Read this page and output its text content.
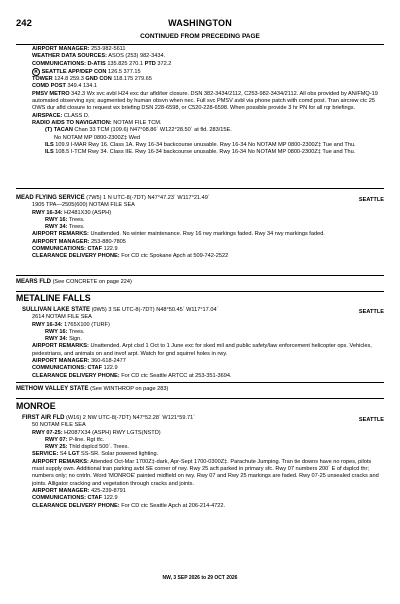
242	WASHINGTON
CONTINUED FROM PRECEDING PAGE

AIRPORT MANAGER: 253-982-5611

WEATHER DATA SOURCES: ASOS (253) 982-3434.

COMMUNICATIONS: D-ATIS 135.825 270.1 PTD 372.2

R SEATTLE APP/DEP CON 126.5 377.15

TOWER 124.8 259.3 GND CON 118.175 279.65

COMD POST 349.4 134.1

PMSV METRO 342.3 Wx svc avbl H24 exc dur afld/twr closure. DSN 382-3434/2112, C253-982-3434/2112. All obs provided by AN/FMQ-19 automated observing sys; augmented by human obsvn when nec. Full svc PMSV avbl via phone patch with comd post. Tran aircrew ctc 25 OWS dur afld closure to request wx briefing DSN 228-6598, or C520-228-6598. When possible provide 3 hr PN for all rqr briefings.

AIRSPACE: CLASS D.

RADIO AIDS TO NAVIGATION: NOTAM FILE TCM.

(T) TACAN Chan 33 TCM (109.6) N47°08.86´ W122°28.50´ at fld. 283/15E.

No NOTAM MP 0800-2300Z‡ Wed

ILS 109.9 I-MAR Rwy 16. Class 1A. Rwy 16-34 backcourse unusable. Rwy 16-34 No NOTAM MP 0800-2300Z‡ Tue and Thu.

ILS 108.5 I-TCM Rwy 34. Class IIE. Rwy 16-34 backcourse unusable. Rwy 16-34 No NOTAM MP 0800-2300Z‡ Tue and Thu.

SEATTLE

MEAD FLYING SERVICE (7W5) 1 N UTC-8(-7DT) N47°47.23´ W117°21.49´

1905 TPA—2505(600) NOTAM FILE SEA

RWY 16-34: H2481X30 (ASPH)

RWY 16: Trees.

RWY 34: Trees.

AIRPORT REMARKS: Unattended. No winter maintenance. Rwy 16 rwy markings faded. Rwy 34 rwy markings faded.

AIRPORT MANAGER: 253-880-7805

COMMUNICATIONS: CTAF 122.9

CLEARANCE DELIVERY PHONE: For CD ctc Spokane Apch at 509-742-2522

MEARS FLD (See CONCRETE on page 224)

METALINE FALLS
SEATTLE

SULLIVAN LAKE STATE (0W5) 3 SE UTC-8(-7DT) N48°50.45´ W117°17.04´

2614 NOTAM FILE SEA

RWY 16-34: 1765X100 (TURF)

RWY 16: Trees.

RWY 34: Sign.

AIRPORT REMARKS: Unattended. Arpt clsd 1 Oct to 1 June exc for sked mil and public safety/law enforcement helicopter ops. Vehicles, pedestrians, and animals on and invof arpt. Watch for gnd squirrel holes in rwy.

AIRPORT MANAGER: 360-618-2477

COMMUNICATIONS: CTAF 122.9

CLEARANCE DELIVERY PHONE: For CD ctc Seattle ARTCC at 253-351-3694.

METHOW VALLEY STATE (See WINTHROP on page 283)

MONROE
SEATTLE

FIRST AIR FLD (W16) 2 NW UTC-8(-7DT) N47°52.28´ W121°59.71´

50 NOTAM FILE SEA

RWY 07-25: H2087X34 (ASPH) RWY LGTS(NSTD)

RWY 07: P-line. Rgt tfc.

RWY 25: Thld dsplcd 500´. Trees.

SERVICE: S4 LGT SS-SR. Solar powered lighting.

AIRPORT REMARKS: Attended Oct-Mar 1700Z‡-dark, Apr-Sept 1700-0300Z‡. Parachute Jumping. Tran tie downs have no ropes, pilots must supply own. Additional tran parking avbl SE corner of rwy. Rwy 25 acft parked in primary sfc. Rwy 07 numbers 200´ E of dsplcd thr; numbers only; no cntrln. Word 'MONROE' painted midfield on rwy. Rwy 07 and Rwy 25 markings are faded. Rwy 07-25 unsealed cracks and joints. Alligator cracking and vegetation through cracks and joints.

AIRPORT MANAGER: 425-239-8791

COMMUNICATIONS: CTAF 122.9

CLEARANCE DELIVERY PHONE: For CD ctc Seattle Apch at 206-214-4722.

NW, 3 SEP 2026 to 29 OCT 2026
